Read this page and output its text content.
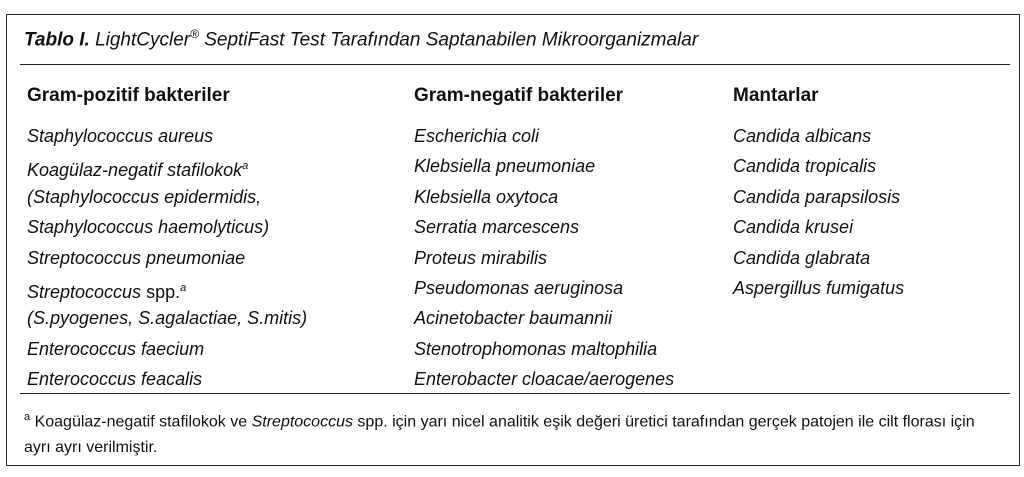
Tablo I. LightCycler® SeptiFast Test Tarafından Saptanabilen Mikroorganizmalar
Gram-pozitif bakteriler	Gram-negatif bakteriler	Mantarlar
Staphylococcus aureus
Koagülaz-negatif stafilokok$^a$
(Staphylococcus epidermidis,
Staphylococcus haemolyticus)
Streptococcus pneumoniae
Streptococcus spp.$^a$
(S.pyogenes, S.agalactiae, S.mitis)
Enterococcus faecium
Enterococcus feacalis
Escherichia coli
Klebsiella pneumoniae
Klebsiella oxytoca
Serratia marcescens
Proteus mirabilis
Pseudomonas aeruginosa
Acinetobacter baumannii
Stenotrophomonas maltophilia
Enterobacter cloacae/aerogenes
Candida albicans
Candida tropicalis
Candida parapsilosis
Candida krusei
Candida glabrata
Aspergillus fumigatus
$^a$ Koagülaz-negatif stafilokok ve Streptococcus spp. için yarı nicel analitik eşik değeri üretici tarafından gerçek patojen ile cilt florası için ayrı ayrı verilmiştir.
